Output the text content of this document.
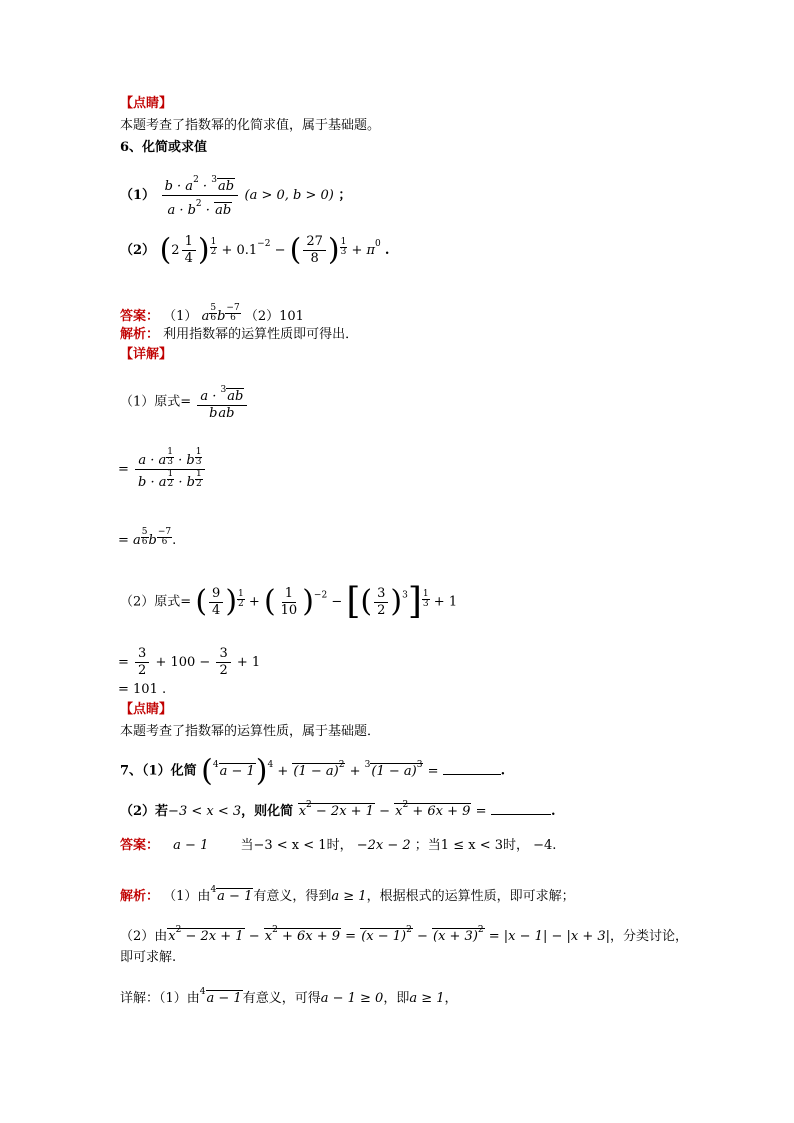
【点睛】
本题考查了指数幂的化简求值，属于基础题。
6、化简或求值
$(1) \frac{b \cdot a^2 \cdot ^3ab}{a \cdot b^2 \cdot ab} (a > 0$, b > 0) ；
（2） ($2 \frac{1}{4}$ ) $\frac{1}{2} + 0.1^{-2}$ − ( $\frac{27}{8}$ ) $\frac{1}{3} + \pi^0$ .
答案： （1） a $\frac{5}{6}$ b $\frac{-7}{6} (2)101$
解析： 利用指数幂的运算性质即可得出．
【详解】
（1）原式= $\frac{a \cdot ^3ab}{\text{bab}}$
= $\frac{a \cdot a \frac{1}{3} \cdot b \frac{1}{3}}{b \cdot a \frac{1}{2} \cdot b \frac{1}{2}}$
= a $\frac{5}{6}$ b $\frac{-7}{6}$ .
（2）原式= ( $\frac{9}{4}$ ) $\frac{1}{2}$ + ( $\frac{1}{10} )^{-2}$ − [( $\frac{3}{2} )^3] \frac{1}{3} + 1$
= $\frac{3}{2} + 100 - \frac{3}{2} + 1$
= 101 .
【点睛】
本题考查了指数幂的运算性质，属于基础题．
7、（1）化简 $(^4a - 1)^4 + (1 - a)^2 + ^3(1 - a)^3$ =	.
（2）若−3 < x < 3，则化简 $x^2 - 2x + 1 - x^2 + 6x + 9$ =	.
答案： a − 1 当−3 < x < 1时， −2x − 2 ；当1 ≤ x < 3时， −4.
解析： （1）由$^4$a − 1有意义，得到a ≥ 1，根据根式的运算性质，即可求解；
（2）由$x^2 - 2x + 1 - x^2 + 6x + 9 = (x - 1)^2 - (x + 3)^2 = |x - 1| - |x + 3|$，分类讨论，
即可求解.
详解：（1）由$^4$a − 1有意义，可得a − 1 ≥ 0，即a ≥ 1，
